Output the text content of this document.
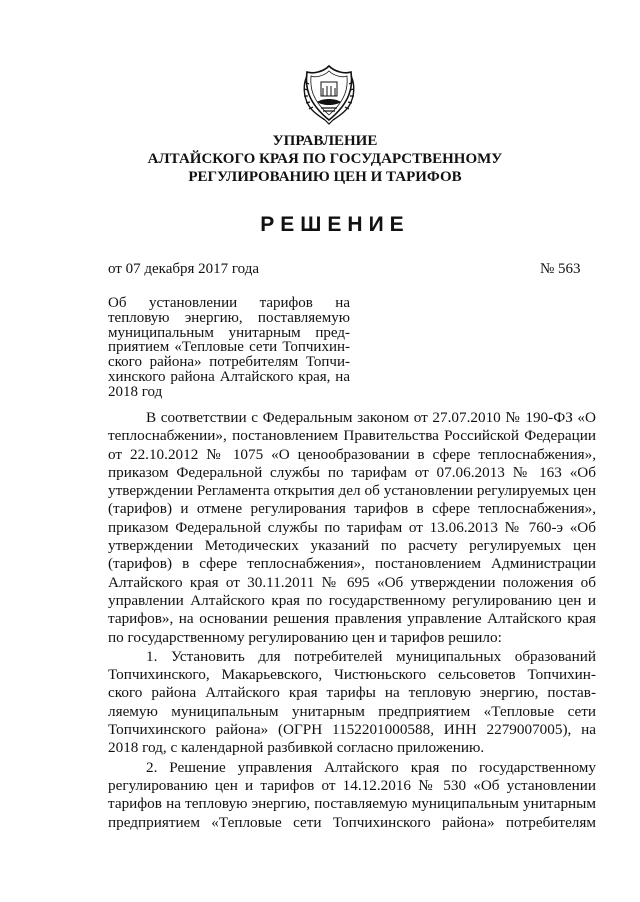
УПРАВЛЕНИЕ
АЛТАЙСКОГО КРАЯ ПО ГОСУДАРСТВЕННОМУ
РЕГУЛИРОВАНИЮ ЦЕН И ТАРИФОВ
РЕШЕНИЕ
от 07 декабря 2017 года	№ 563
Об установлении тарифов на
тепловую энергию, поставляемую
муниципальным унитарным пред-
приятием «Тепловые сети Топчихин-
ского района» потребителям Топчи-
хинского района Алтайского края, на
2018 год
В соответствии с Федеральным законом от 27.07.2010 № 190-ФЗ «О
теплоснабжении», постановлением Правительства Российской Федерации
от 22.10.2012 № 1075 «О ценообразовании в сфере теплоснабжения»,
приказом Федеральной службы по тарифам от 07.06.2013 № 163 «Об
утверждении Регламента открытия дел об установлении регулируемых цен
(тарифов) и отмене регулирования тарифов в сфере теплоснабжения»,
приказом Федеральной службы по тарифам от 13.06.2013 № 760-э «Об
утверждении Методических указаний по расчету регулируемых цен
(тарифов) в сфере теплоснабжения», постановлением Администрации
Алтайского края от 30.11.2011 № 695 «Об утверждении положения об
управлении Алтайского края по государственному регулированию цен и
тарифов», на основании решения правления управление Алтайского края
по государственному регулированию цен и тарифов решило:
1. Установить для потребителей муниципальных образований
Топчихинского, Макарьевского, Чистюньского сельсоветов Топчихин-
ского района Алтайского края тарифы на тепловую энергию, постав-
ляемую муниципальным унитарным предприятием «Тепловые сети
Топчихинского района» (ОГРН 1152201000588, ИНН 2279007005), на
2018 год, с календарной разбивкой согласно приложению.
2. Решение управления Алтайского края по государственному
регулированию цен и тарифов от 14.12.2016 № 530 «Об установлении
тарифов на тепловую энергию, поставляемую муниципальным унитарным
предприятием «Тепловые сети Топчихинского района» потребителям
